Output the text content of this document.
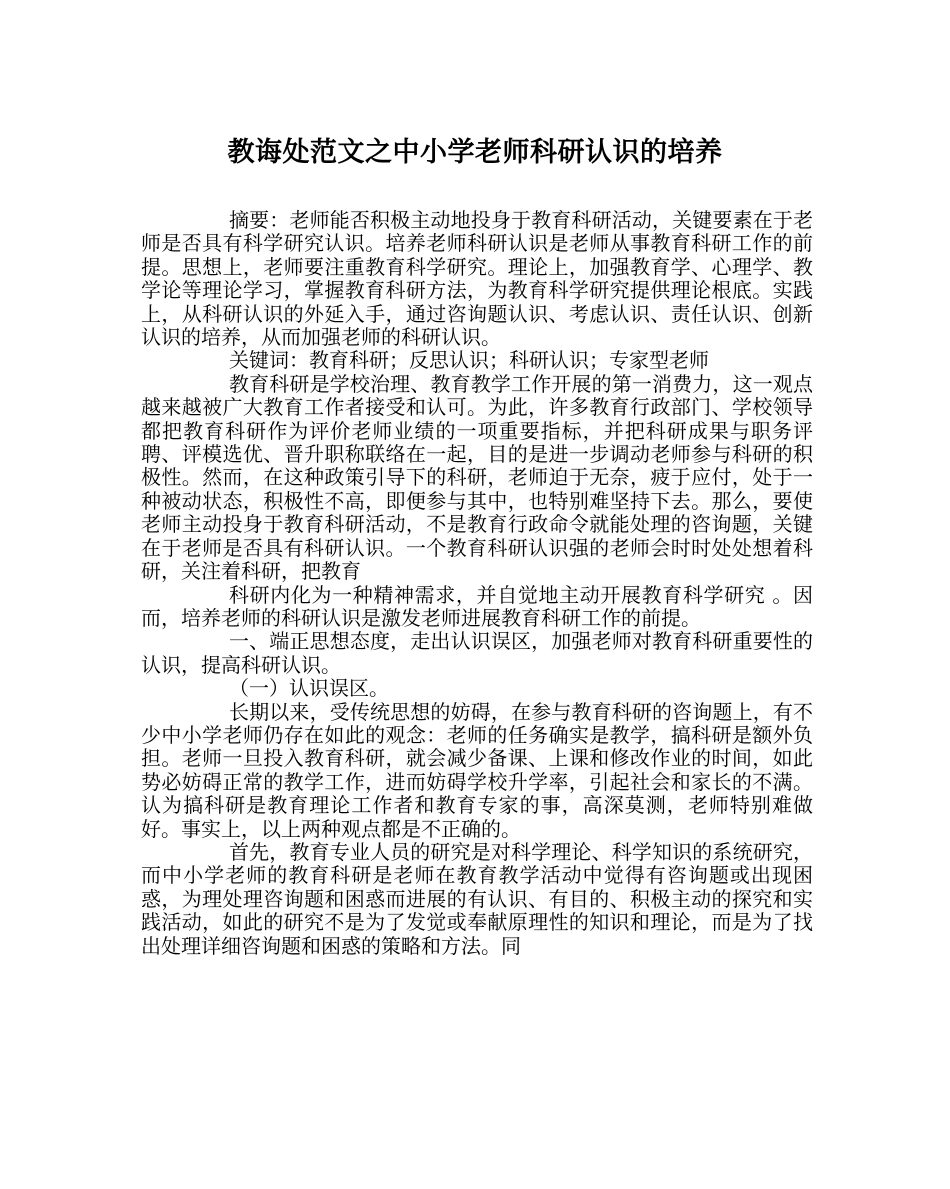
教诲处范文之中小学老师科研认识的培养

摘要：老师能否积极主动地投身于教育科研活动，关键要素在于老师是否具有科学研究认识。培养老师科研认识是老师从事教育科研工作的前提。思想上，老师要注重教育科学研究。理论上，加强教育学、心理学、教学论等理论学习，掌握教育科研方法，为教育科学研究提供理论根底。实践上，从科研认识的外延入手，通过咨询题认识、考虑认识、责任认识、创新认识的培养，从而加强老师的科研认识。

关键词：教育科研；反思认识；科研认识；专家型老师

教育科研是学校治理、教育教学工作开展的第一消费力，这一观点越来越被广大教育工作者接受和认可。为此，许多教育行政部门、学校领导都把教育科研作为评价老师业绩的一项重要指标，并把科研成果与职务评聘、评模选优、晋升职称联络在一起，目的是进一步调动老师参与科研的积极性。然而，在这种政策引导下的科研，老师迫于无奈，疲于应付，处于一种被动状态，积极性不高，即便参与其中，也特别难坚持下去。那么，要使老师主动投身于教育科研活动，不是教育行政命令就能处理的咨询题，关键在于老师是否具有科研认识。一个教育科研认识强的老师会时时处处想着科研，关注着科研，把教育

科研内化为一种精神需求，并自觉地主动开展教育科学研究 。因而，培养老师的科研认识是激发老师进展教育科研工作的前提。

一、端正思想态度，走出认识误区，加强老师对教育科研重要性的认识，提高科研认识。

（一）认识误区。

长期以来，受传统思想的妨碍，在参与教育科研的咨询题上，有不少中小学老师仍存在如此的观念：老师的任务确实是教学，搞科研是额外负担。老师一旦投入教育科研，就会减少备课、上课和修改作业的时间，如此势必妨碍正常的教学工作，进而妨碍学校升学率，引起社会和家长的不满。认为搞科研是教育理论工作者和教育专家的事，高深莫测，老师特别难做好。事实上，以上两种观点都是不正确的。

首先，教育专业人员的研究是对科学理论、科学知识的系统研究，而中小学老师的教育科研是老师在教育教学活动中觉得有咨询题或出现困惑，为理处理咨询题和困惑而进展的有认识、有目的、积极主动的探究和实践活动，如此的研究不是为了发觉或奉献原理性的知识和理论，而是为了找出处理详细咨询题和困惑的策略和方法。同
